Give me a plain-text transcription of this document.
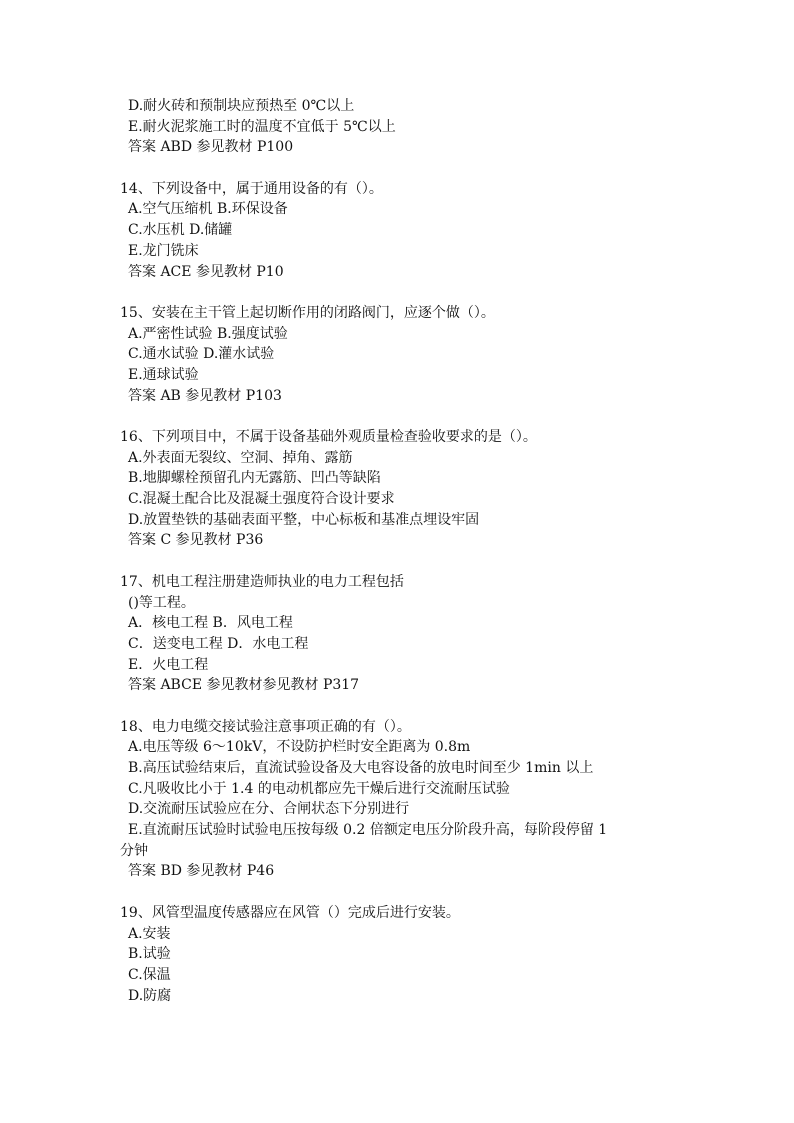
D.耐火砖和预制块应预热至 0℃以上

E.耐火泥浆施工时的温度不宜低于 5℃以上

答案 ABD 参见教材 P100

14、下列设备中，属于通用设备的有（）。

A.空气压缩机 B.环保设备

C.水压机 D.储罐

E.龙门铣床

答案 ACE 参见教材 P10

15、安装在主干管上起切断作用的闭路阀门，应逐个做（）。

A.严密性试验 B.强度试验

C.通水试验 D.灌水试验

E.通球试验

答案 AB 参见教材 P103

16、下列项目中，不属于设备基础外观质量检查验收要求的是（）。

A.外表面无裂纹、空洞、掉角、露筋

B.地脚螺栓预留孔内无露筋、凹凸等缺陷

C.混凝土配合比及混凝土强度符合设计要求

D.放置垫铁的基础表面平整，中心标板和基准点埋设牢固

答案 C 参见教材 P36

17、机电工程注册建造师执业的电力工程包括

()等工程。

A．核电工程 B．风电工程

C．送变电工程 D．水电工程

E．火电工程

答案 ABCE 参见教材参见教材 P317

18、电力电缆交接试验注意事项正确的有（）。

A.电压等级 6～10kV，不设防护栏时安全距离为 0.8m

B.高压试验结束后，直流试验设备及大电容设备的放电时间至少 1min 以上

C.凡吸收比小于 1.4 的电动机都应先干燥后进行交流耐压试验

D.交流耐压试验应在分、合闸状态下分别进行

E.直流耐压试验时试验电压按每级 0.2 倍额定电压分阶段升高，每阶段停留 1

分钟

答案 BD 参见教材 P46

19、风管型温度传感器应在风管（）完成后进行安装。

A.安装

B.试验

C.保温

D.防腐
